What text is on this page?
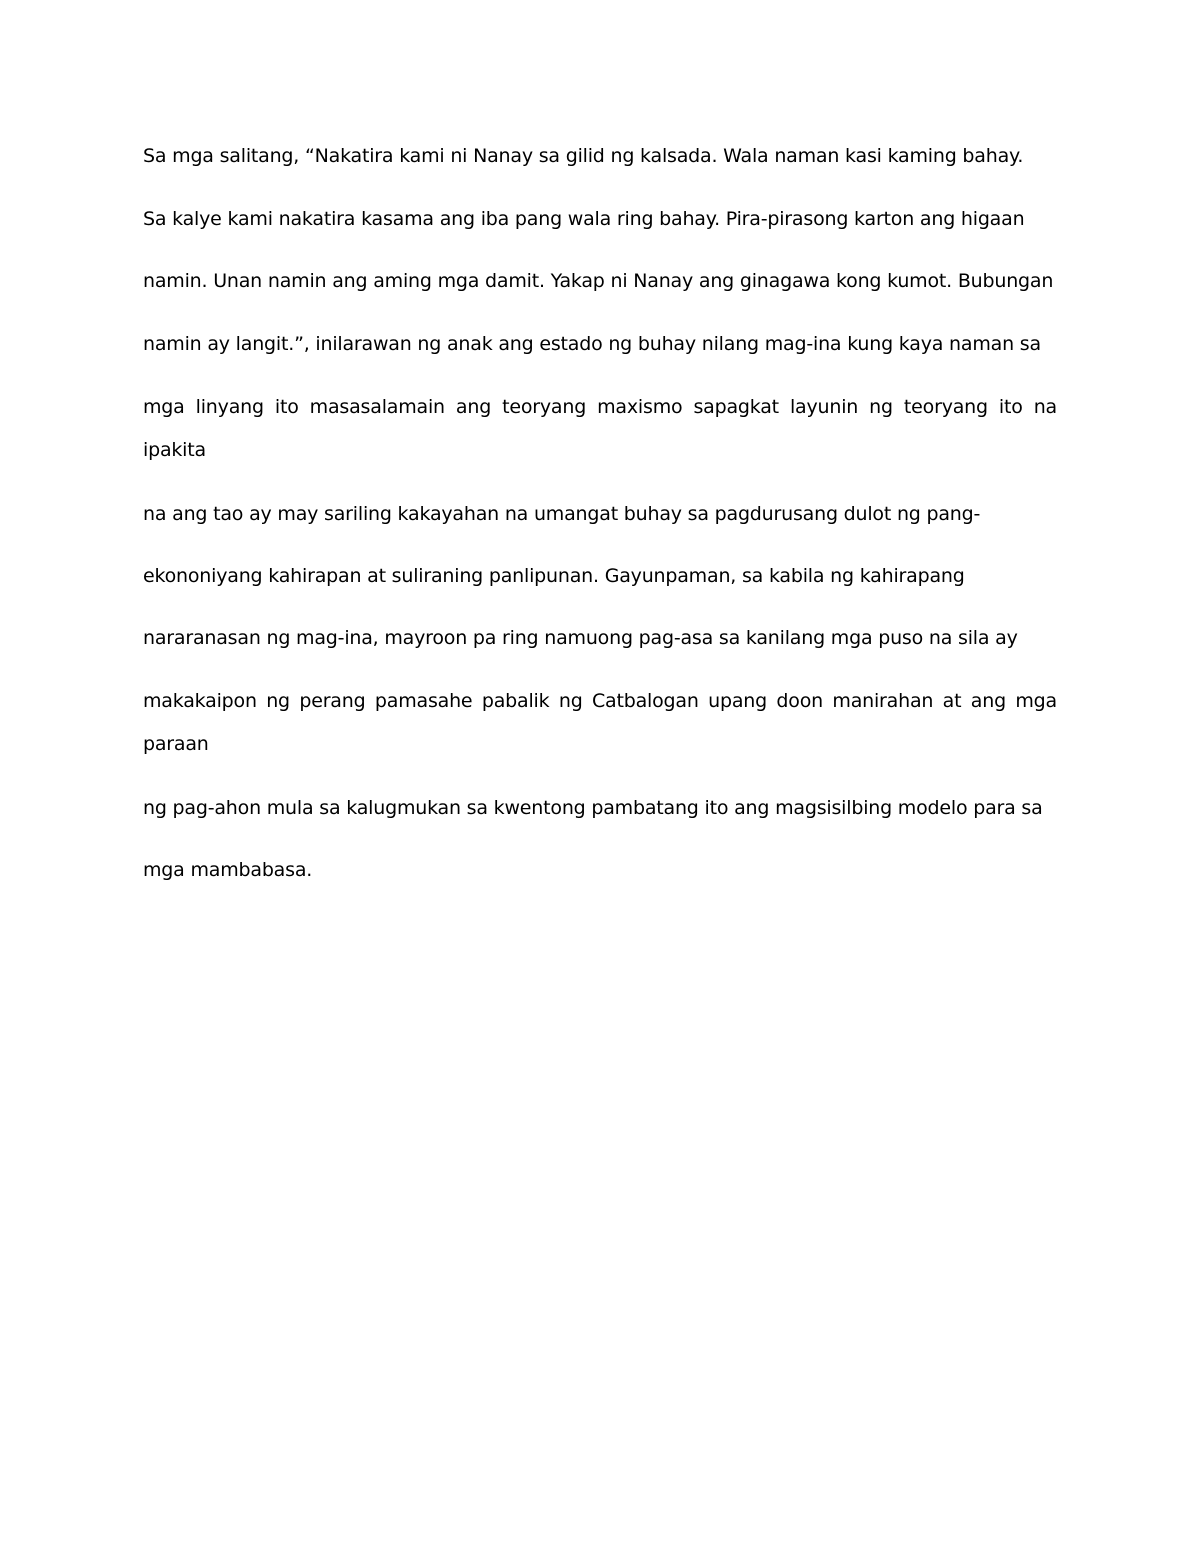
Sa mga salitang, “Nakatira kami ni Nanay sa gilid ng kalsada. Wala naman kasi kaming bahay.
Sa kalye kami nakatira kasama ang iba pang wala ring bahay. Pira-pirasong karton ang higaan
namin. Unan namin ang aming mga damit. Yakap ni Nanay ang ginagawa kong kumot. Bubungan
namin ay langit.”, inilarawan ng anak ang estado ng buhay nilang mag-ina kung kaya naman sa
mga linyang ito masasalamain ang teoryang maxismo sapagkat layunin ng teoryang ito na
ipakita
na ang tao ay may sariling kakayahan na umangat buhay sa pagdurusang dulot ng pang-
ekononiyang kahirapan at suliraning panlipunan. Gayunpaman, sa kabila ng kahirapang
nararanasan ng mag-ina, mayroon pa ring namuong pag-asa sa kanilang mga puso na sila ay
makakaipon ng perang pamasahe pabalik ng Catbalogan upang doon manirahan at ang mga
paraan
ng pag-ahon mula sa kalugmukan sa kwentong pambatang ito ang magsisilbing modelo para sa
mga mambabasa.
